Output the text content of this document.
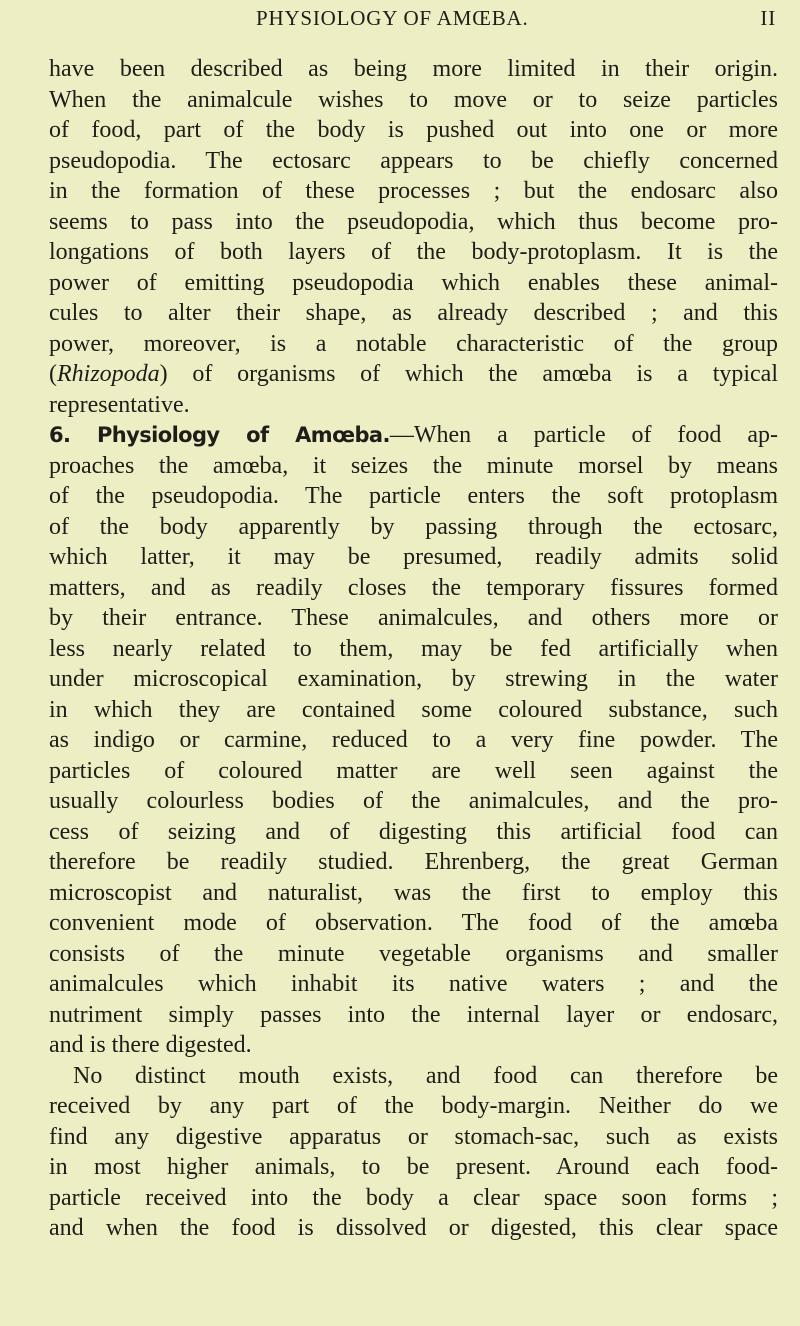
PHYSIOLOGY OF AMŒBA.	II
have been described as being more limited in their origin.
When the animalcule wishes to move or to seize particles
of food, part of the body is pushed out into one or more
pseudopodia. The ectosarc appears to be chiefly concerned
in the formation of these processes ; but the endosarc also
seems to pass into the pseudopodia, which thus become pro-
longations of both layers of the body-protoplasm. It is the
power of emitting pseudopodia which enables these animal-
cules to alter their shape, as already described ; and this
power, moreover, is a notable characteristic of the group
(Rhizopoda) of organisms of which the amœba is a typical
representative.
6. Physiology of Amœba.—When a particle of food ap-
proaches the amœba, it seizes the minute morsel by means
of the pseudopodia. The particle enters the soft protoplasm
of the body apparently by passing through the ectosarc,
which latter, it may be presumed, readily admits solid
matters, and as readily closes the temporary fissures formed
by their entrance. These animalcules, and others more or
less nearly related to them, may be fed artificially when
under microscopical examination, by strewing in the water
in which they are contained some coloured substance, such
as indigo or carmine, reduced to a very fine powder. The
particles of coloured matter are well seen against the
usually colourless bodies of the animalcules, and the pro-
cess of seizing and of digesting this artificial food can
therefore be readily studied. Ehrenberg, the great German
microscopist and naturalist, was the first to employ this
convenient mode of observation. The food of the amœba
consists of the minute vegetable organisms and smaller
animalcules which inhabit its native waters ; and the
nutriment simply passes into the internal layer or endosarc,
and is there digested.
No distinct mouth exists, and food can therefore be
received by any part of the body-margin. Neither do we
find any digestive apparatus or stomach-sac, such as exists
in most higher animals, to be present. Around each food-
particle received into the body a clear space soon forms ;
and when the food is dissolved or digested, this clear space
